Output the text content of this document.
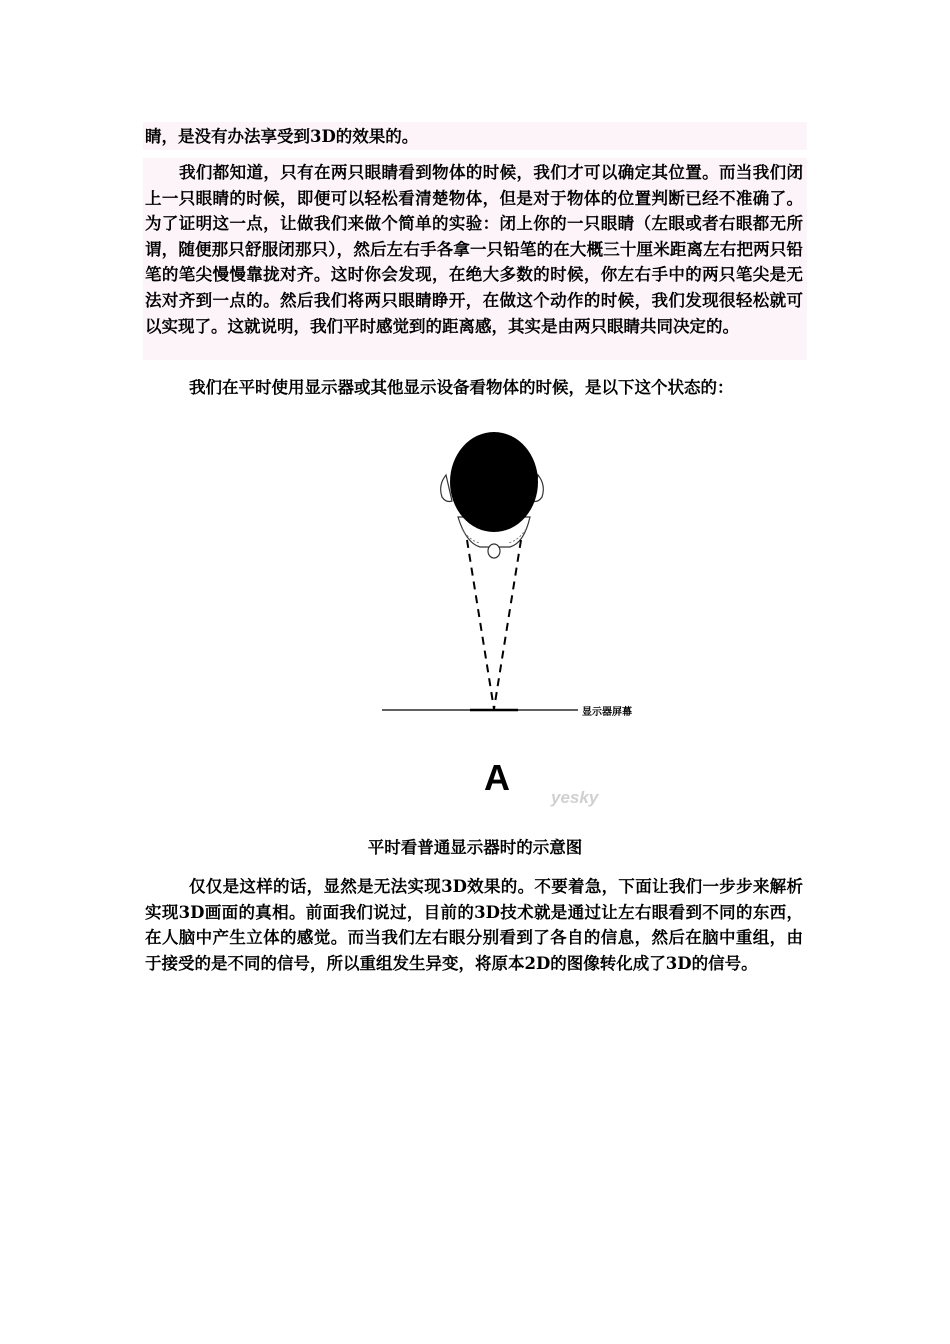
睛，是没有办法享受到3D的效果的。

我们都知道，只有在两只眼睛看到物体的时候，我们才可以确定其位置。而当我们闭上一只眼睛的时候，即便可以轻松看清楚物体，但是对于物体的位置判断已经不准确了。为了证明这一点，让做我们来做个简单的实验：闭上你的一只眼睛（左眼或者右眼都无所谓，随便那只舒服闭那只），然后左右手各拿一只铅笔的在大概三十厘米距离左右把两只铅笔的笔尖慢慢靠拢对齐。这时你会发现，在绝大多数的时候，你左右手中的两只笔尖是无法对齐到一点的。然后我们将两只眼睛睁开，在做这个动作的时候，我们发现很轻松就可以实现了。这就说明，我们平时感觉到的距离感，其实是由两只眼睛共同决定的。

我们在平时使用显示器或其他显示设备看物体的时候，是以下这个状态的：

显示器屏幕
A yesky
平时看普通显示器时的示意图

仅仅是这样的话，显然是无法实现3D效果的。不要着急，下面让我们一步步来解析实现3D画面的真相。前面我们说过，目前的3D技术就是通过让左右眼看到不同的东西，在人脑中产生立体的感觉。而当我们左右眼分别看到了各自的信息，然后在脑中重组，由于接受的是不同的信号，所以重组发生异变，将原本2D的图像转化成了3D的信号。
